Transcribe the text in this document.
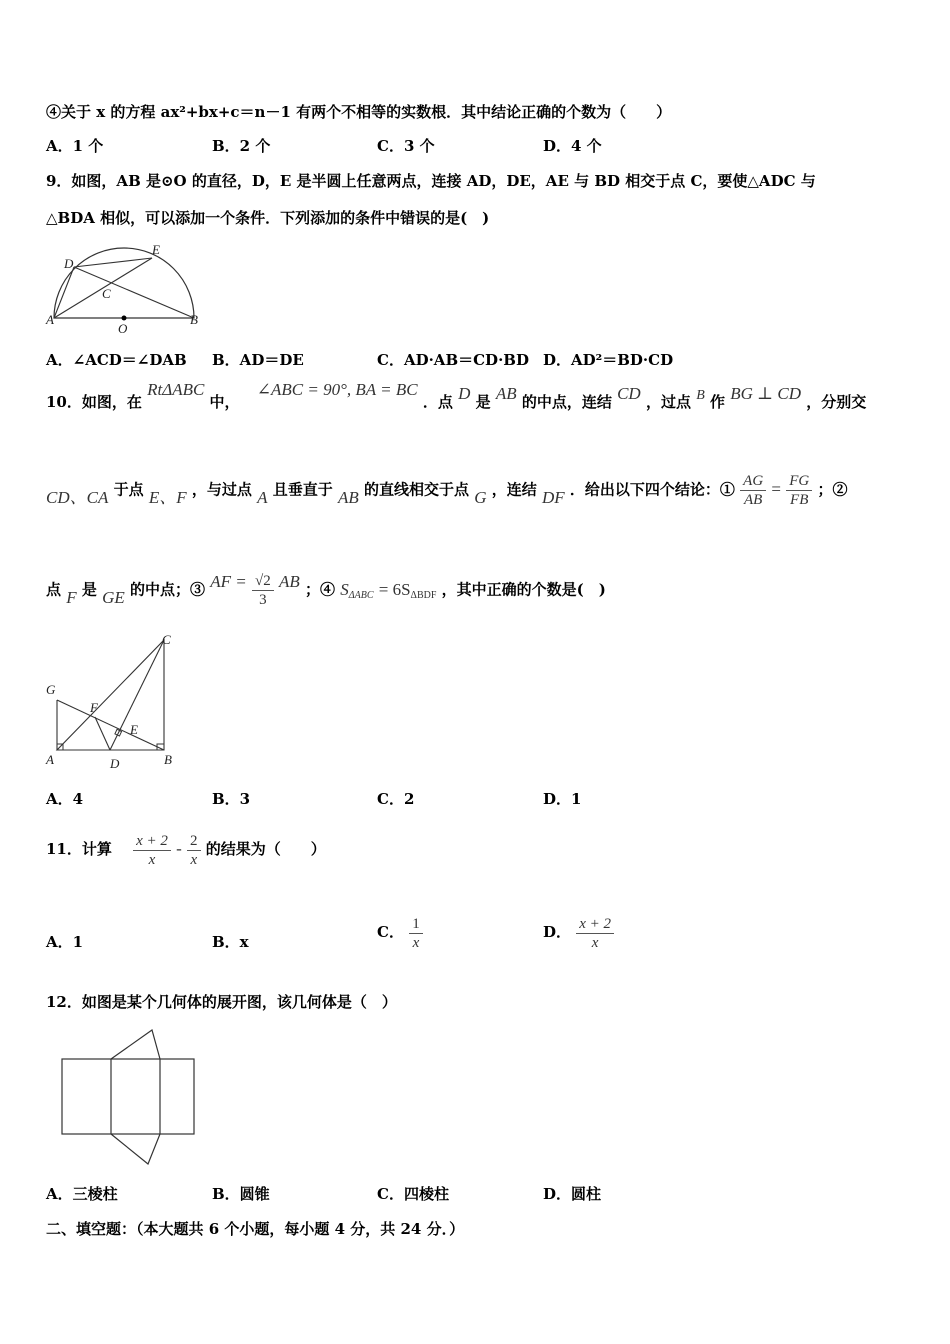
④关于 x 的方程 ax²+bx+c＝n－1 有两个不相等的实数根．其中结论正确的个数为（　　）
A．1 个	B．2 个	C．3 个	D．4 个
9．如图，AB 是⊙O 的直径，D，E 是半圆上任意两点，连接 AD，DE，AE 与 BD 相交于点 C，要使△ADC 与
△BDA 相似，可以添加一个条件．下列添加的条件中错误的是(　)
D
E
C
A
O
B
A．∠ACD＝∠DAB B．AD＝DE	C．AD·AB＝CD·BD D．AD²＝BD·CD
10．如图，在 RtΔABC 中， ∠ABC = 90°, BA = BC ．点 D 是 AB 的中点，连结 CD ，过点 B 作 BG ⊥ CD ，分别交
CD、CA 于点 E、F ，与过点 A 且垂直于 AB 的直线相交于点 G ，连结 DF ．给出以下四个结论：① $\frac{AG}{AB} = \frac{FG}{FB}$ ；②
点 F 是 GE 的中点；③ AF = $\frac{√2}{3}$ AB ；④ $S_{\Delta ABC} = 6S_{\Delta BDF}$ ，其中正确的个数是(　)
C
G
F
E
A	D	B
A．4	B．3	C．2	D．1
11．计算 $\frac{x + 2}{x} - \frac{2}{x}$ 的结果为（　　）
A．1	B．x
C． $\frac{1}{x}$	D． $\frac{x + 2}{x}$
12．如图是某个几何体的展开图，该几何体是（　）
A．三棱柱	B．圆锥	C．四棱柱	D．圆柱
二、填空题：（本大题共 6 个小题，每小题 4 分，共 24 分．）
